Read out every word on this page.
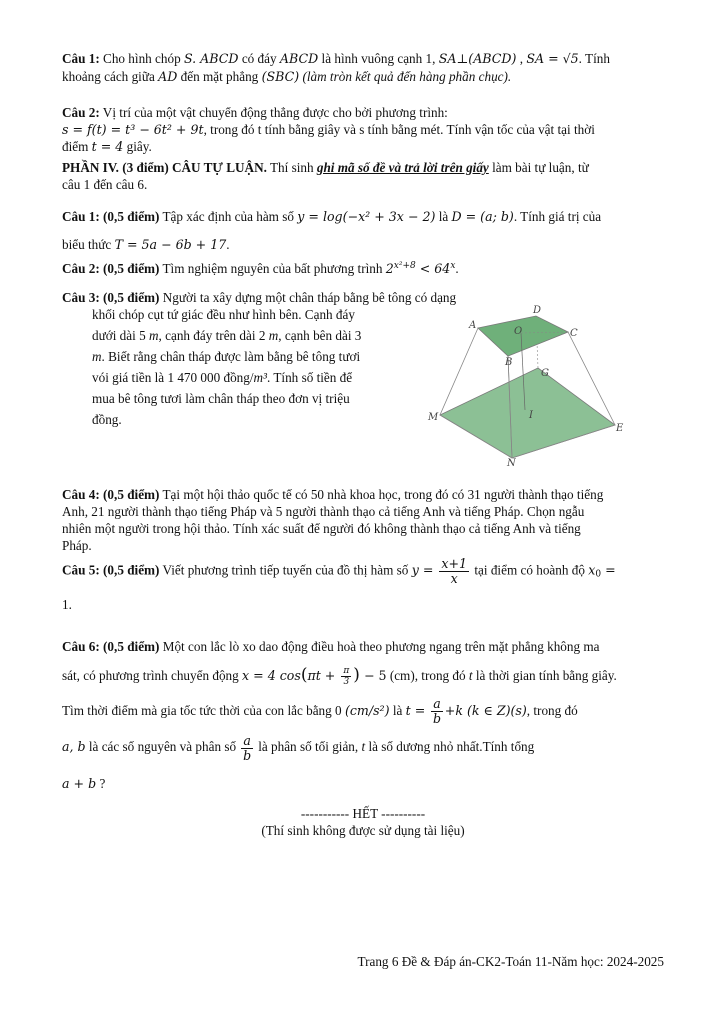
Câu 1: Cho hình chóp S. ABCD có đáy ABCD là hình vuông cạnh 1, SA⊥(ABCD) , SA = √5. Tính
khoảng cách giữa AD đến mặt phẳng (SBC) (làm tròn kết quả đến hàng phần chục).
Câu 2: Vị trí của một vật chuyển động thẳng được cho bởi phương trình:
s = f(t) = t³ − 6t² + 9t, trong đó t tính bằng giây và s tính bằng mét. Tính vận tốc của vật tại thời
điểm t = 4 giây.
PHẦN IV. (3 điểm) CÂU TỰ LUẬN. Thí sinh ghi mã số đề và trả lời trên giấy làm bài tự luận, từ
câu 1 đến câu 6.
Câu 1: (0,5 điểm) Tập xác định của hàm số y = log(−x² + 3x − 2) là D = (a; b). Tính giá trị của
biểu thức T = 5a − 6b + 17.
Câu 2: (0,5 điểm) Tìm nghiệm nguyên của bất phương trình $2^{x^2+8} < 64^x$.
Câu 3: (0,5 điểm) Người ta xây dựng một chân tháp bằng bê tông có dạng
khối chóp cụt tứ giác đều như hình bên. Cạnh đáy
dưới dài 5 m, cạnh đáy trên dài 2 m, cạnh bên dài 3
m. Biết rằng chân tháp được làm bằng bê tông tươi
vói giá tiền là 1 470 000 đồng/m³. Tính số tiền để
mua bê tông tươi làm chân tháp theo đơn vị triệu
đồng.
A
D
C
B
O
G
I
M
N
E
Câu 4: (0,5 điểm) Tại một hội thảo quốc tế có 50 nhà khoa học, trong đó có 31 người thành thạo tiếng
Anh, 21 người thành thạo tiếng Pháp và 5 người thành thạo cả tiếng Anh và tiếng Pháp. Chọn ngẫu
nhiên một người trong hội thảo. Tính xác suất để người đó không thành thạo cả tiếng Anh và tiếng
Pháp.
Câu 5: (0,5 điểm) Viết phương trình tiếp tuyến của đồ thị hàm số $y = \frac{x+1}{x}$ tại điểm có hoành độ $x_0$ =
1.
Câu 6: (0,5 điểm) Một con lắc lò xo dao động điều hoà theo phương ngang trên mặt phẳng không ma
sát, có phương trình chuyển động x = 4 $\cos(\pi t + \frac{\pi}{3}$ ) − 5 (cm), trong đó t là thời gian tính bằng giây.
Tìm thời điểm mà gia tốc tức thời của con lắc bằng 0 (cm/s²) là $t = \frac{a}{b} +k$ (k ∈ Z)(s), trong đó
a, b là các số nguyên và phân số $\frac{a}{b}$ là phân số tối giản, t là số dương nhỏ nhất.Tính tổng
a + b ?
----------- HẾT ----------
(Thí sinh không được sử dụng tài liệu)
Trang 6 Đề & Đáp án-CK2-Toán 11-Năm học: 2024-2025
